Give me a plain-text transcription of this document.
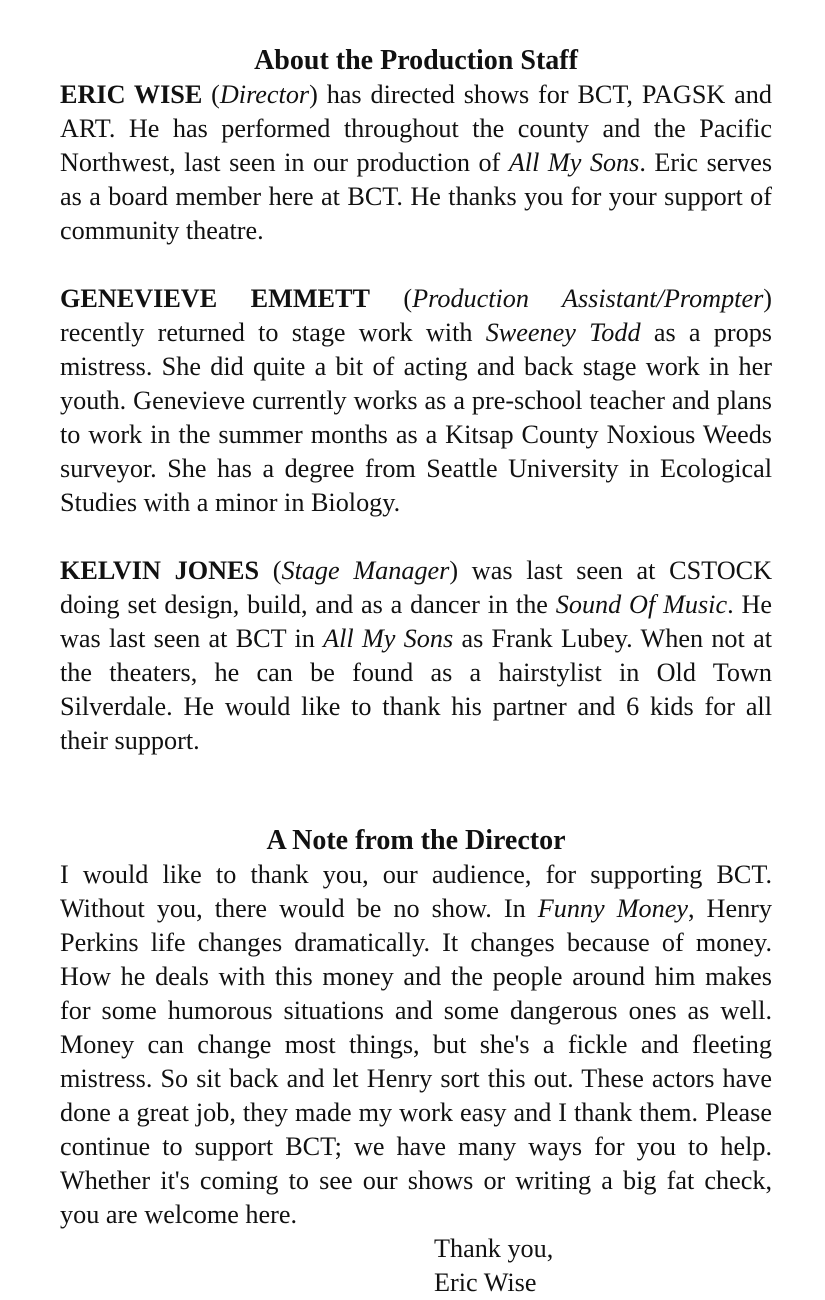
About the Production Staff

ERIC WISE (Director) has directed shows for BCT, PAGSK and ART. He has performed throughout the county and the Pacific Northwest, last seen in our production of All My Sons. Eric serves as a board member here at BCT. He thanks you for your support of community theatre.

GENEVIEVE EMMETT (Production Assistant/Prompter) recently returned to stage work with Sweeney Todd as a props mistress. She did quite a bit of acting and back stage work in her youth. Genevieve currently works as a pre-school teacher and plans to work in the summer months as a Kitsap County Noxious Weeds surveyor. She has a degree from Seattle University in Ecological Studies with a minor in Biology.

KELVIN JONES (Stage Manager) was last seen at CSTOCK doing set design, build, and as a dancer in the Sound Of Music. He was last seen at BCT in All My Sons as Frank Lubey. When not at the theaters, he can be found as a hairstylist in Old Town Silverdale. He would like to thank his partner and 6 kids for all their support.

A Note from the Director

I would like to thank you, our audience, for supporting BCT. Without you, there would be no show. In Funny Money, Henry Perkins life changes dramatically. It changes because of money. How he deals with this money and the people around him makes for some humorous situations and some dangerous ones as well. Money can change most things, but she's a fickle and fleeting mistress. So sit back and let Henry sort this out. These actors have done a great job, they made my work easy and I thank them. Please continue to support BCT; we have many ways for you to help. Whether it's coming to see our shows or writing a big fat check, you are welcome here.

Thank you,
Eric Wise
